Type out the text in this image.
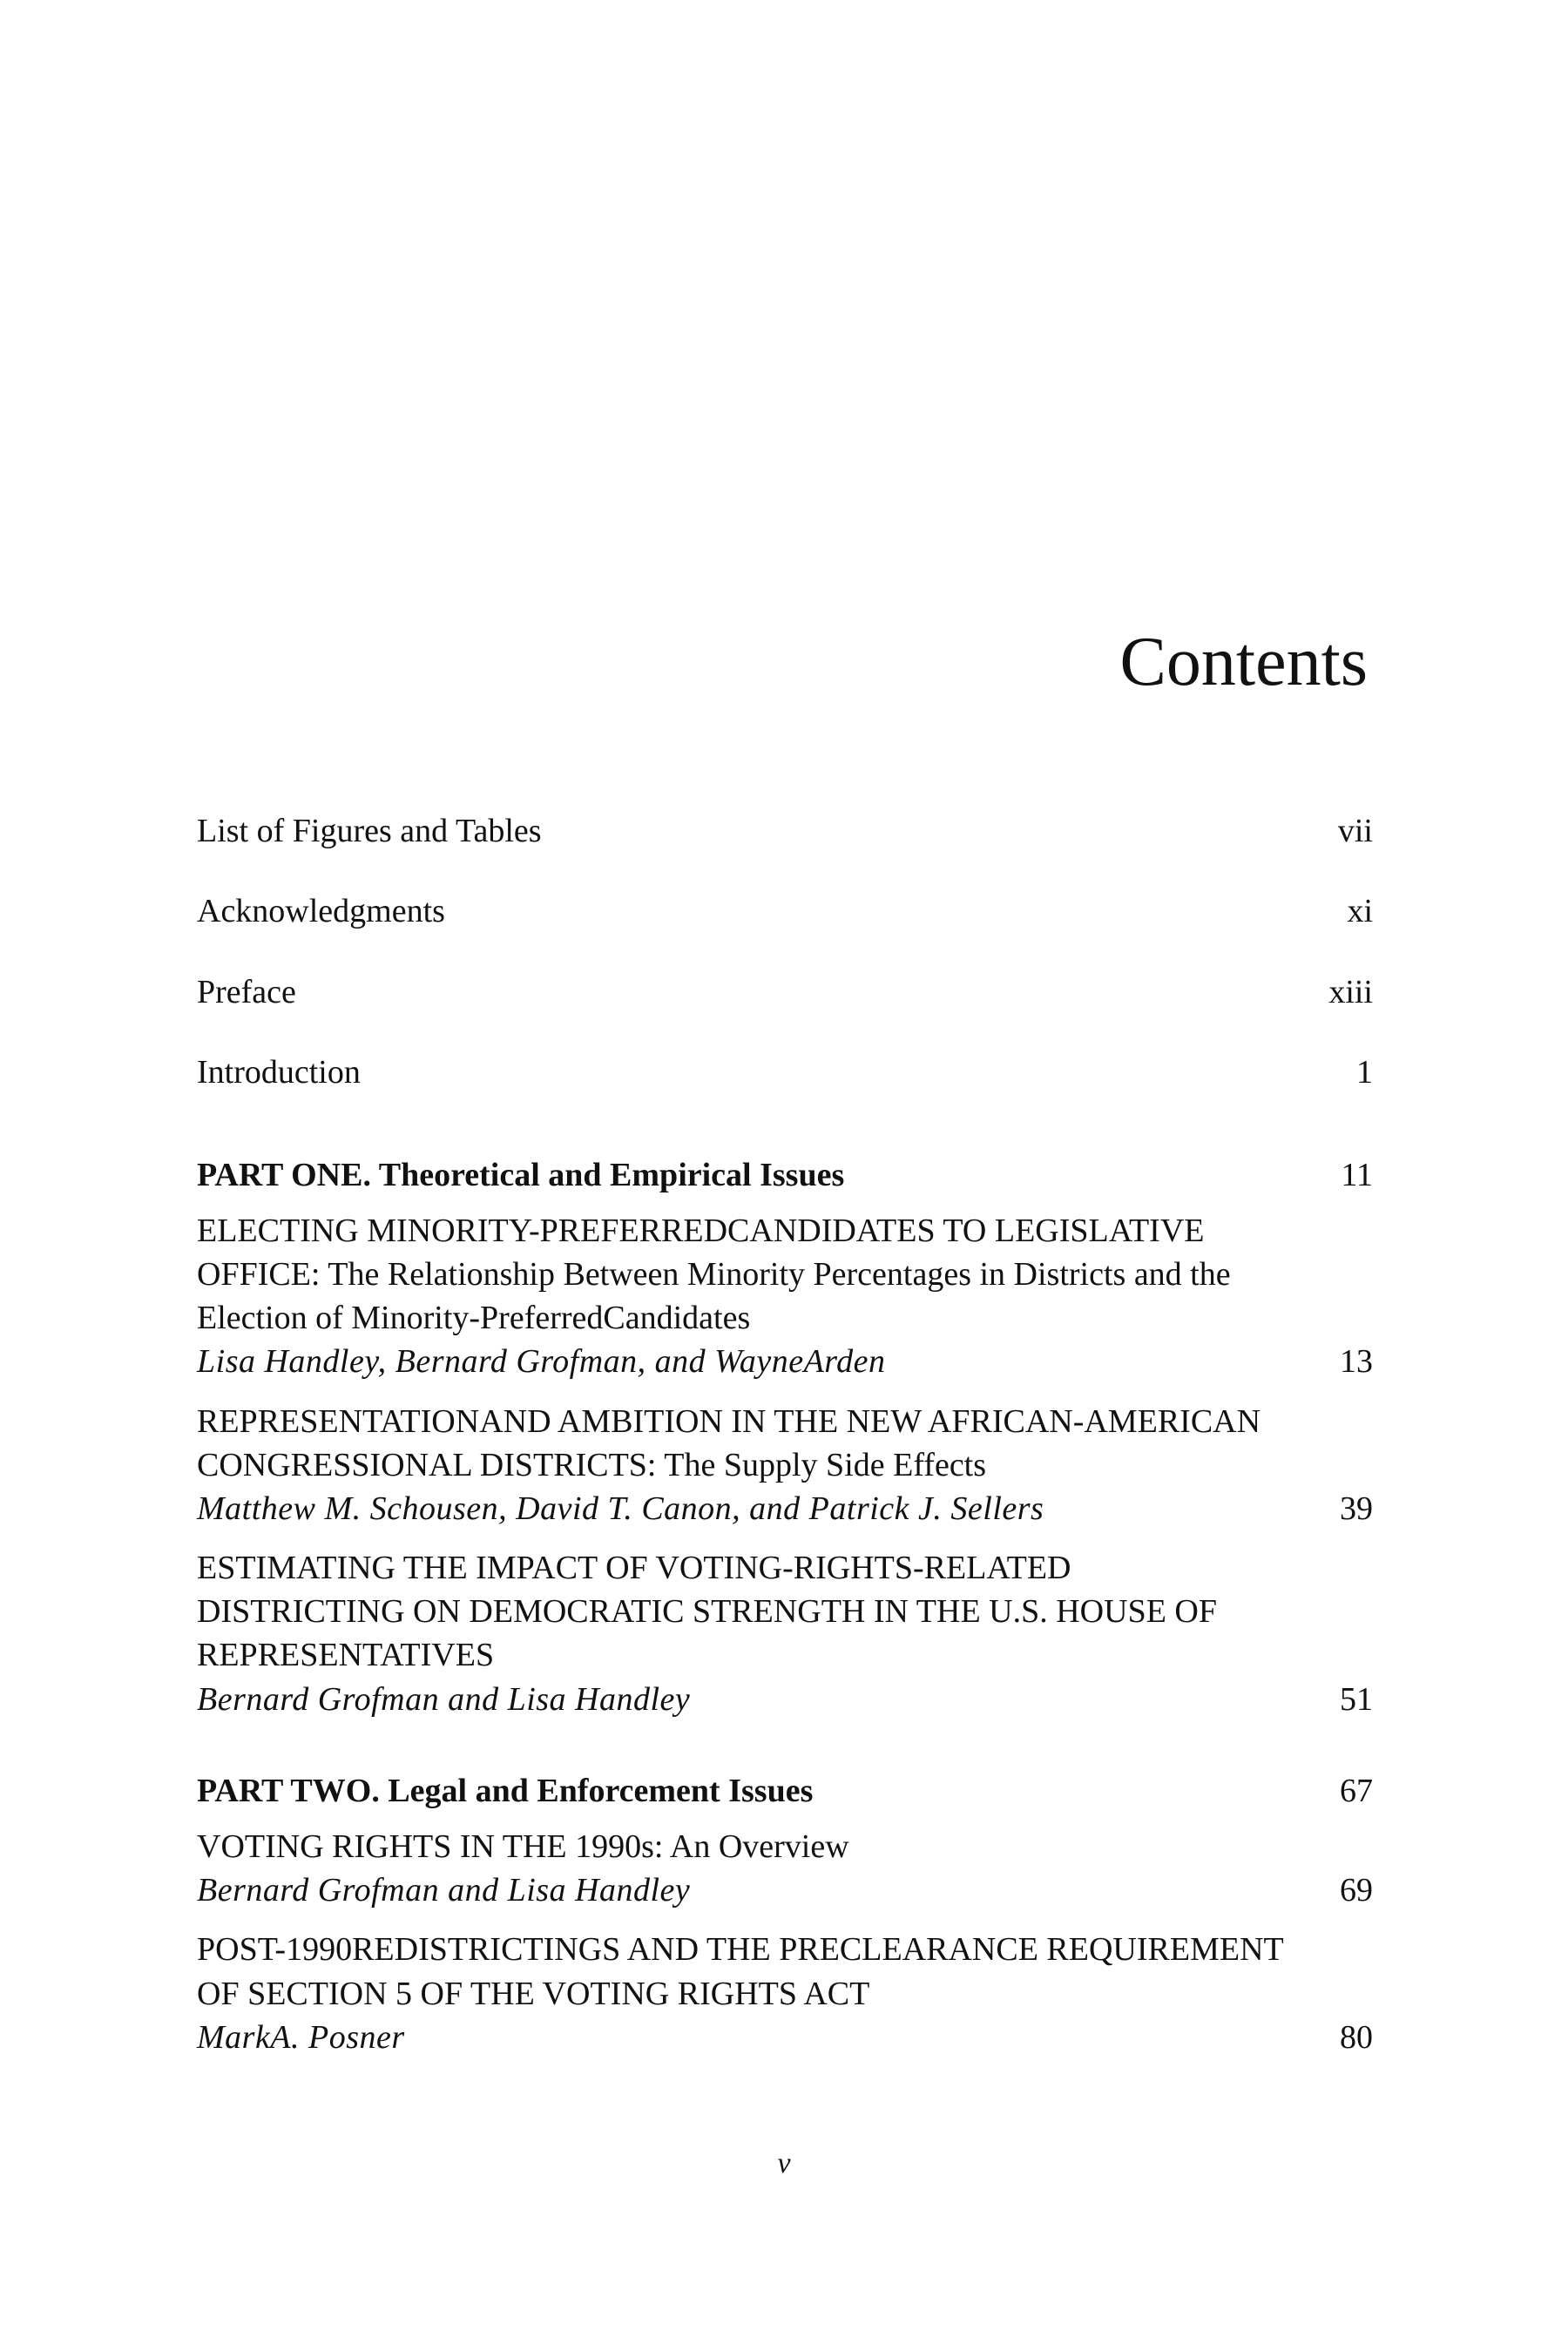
Contents
List of Figures and Tables	vii
Acknowledgments	xi
Preface	xiii
Introduction	1
PART ONE. Theoretical and Empirical Issues	11
ELECTING MINORITY-PREFERREDCANDIDATES TO LEGISLATIVE OFFICE: The Relationship Between Minority Percentages in Districts and the Election of Minority-PreferredCandidates
Lisa Handley, Bernard Grofman, and WayneArden	13
REPRESENTATIONAND AMBITION IN THE NEW AFRICAN-AMERICAN CONGRESSIONAL DISTRICTS: The Supply Side Effects
Matthew M. Schousen, David T. Canon, and Patrick J. Sellers	39
ESTIMATING THE IMPACT OF VOTING-RIGHTS-RELATED DISTRICTING ON DEMOCRATIC STRENGTH IN THE U.S. HOUSE OF REPRESENTATIVES
Bernard Grofman and Lisa Handley	51
PART TWO. Legal and Enforcement Issues	67
VOTING RIGHTS IN THE 1990s: An Overview
Bernard Grofman and Lisa Handley	69
POST-1990REDISTRICTINGS AND THE PRECLEARANCE REQUIREMENT OF SECTION 5 OF THE VOTING RIGHTS ACT
MarkA. Posner	80
v
